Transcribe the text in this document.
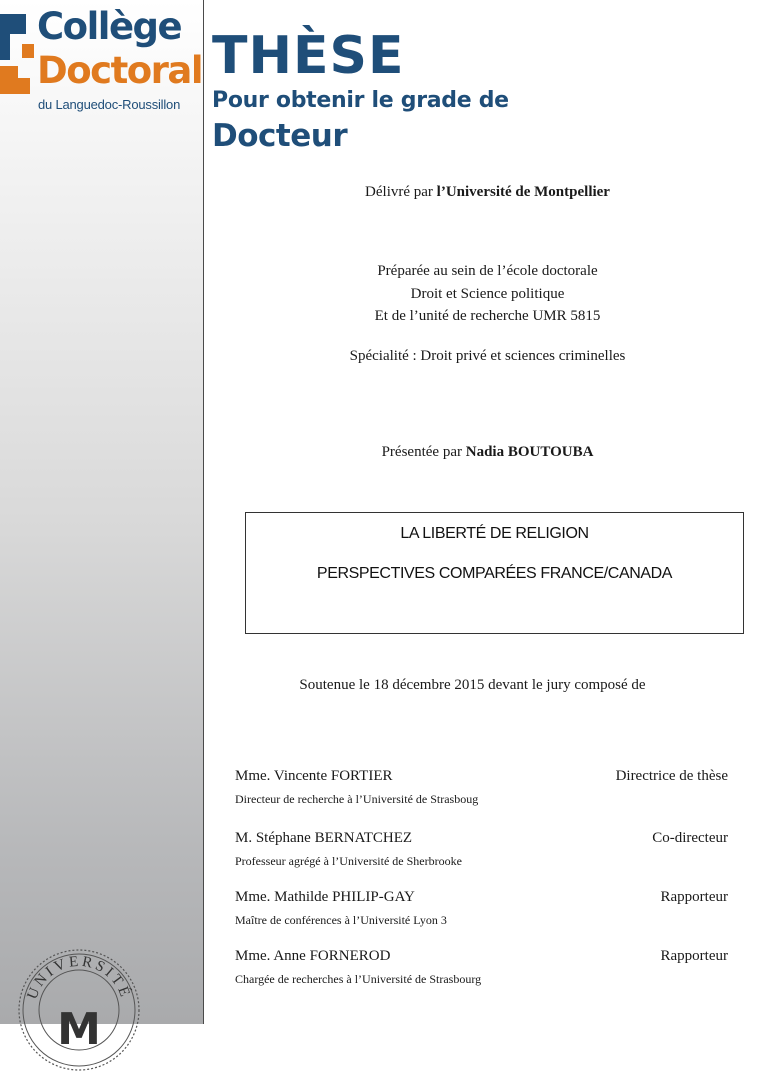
Collège
Doctoral
du Languedoc-Roussillon
UNIVERSITÉ
M
THÈSE
Pour obtenir le grade de
Docteur
Délivré par l’Université de Montpellier
Préparée au sein de l’école doctorale
Droit et Science politique
Et de l’unité de recherche UMR 5815
Spécialité : Droit privé et sciences criminelles
Présentée par Nadia BOUTOUBA
LA LIBERTÉ DE RELIGION
PERSPECTIVES COMPARÉES FRANCE/CANADA
Soutenue le 18 décembre 2015 devant le jury composé de
Mme. Vincente FORTIER	Directrice de thèse
Directeur de recherche à l’Université de Strasboug
M. Stéphane BERNATCHEZ	Co-directeur
Professeur agrégé à l’Université de Sherbrooke
Mme. Mathilde PHILIP-GAY	Rapporteur
Maître de conférences à l’Université Lyon 3
Mme. Anne FORNEROD	Rapporteur
Chargée de recherches à l’Université de Strasbourg
